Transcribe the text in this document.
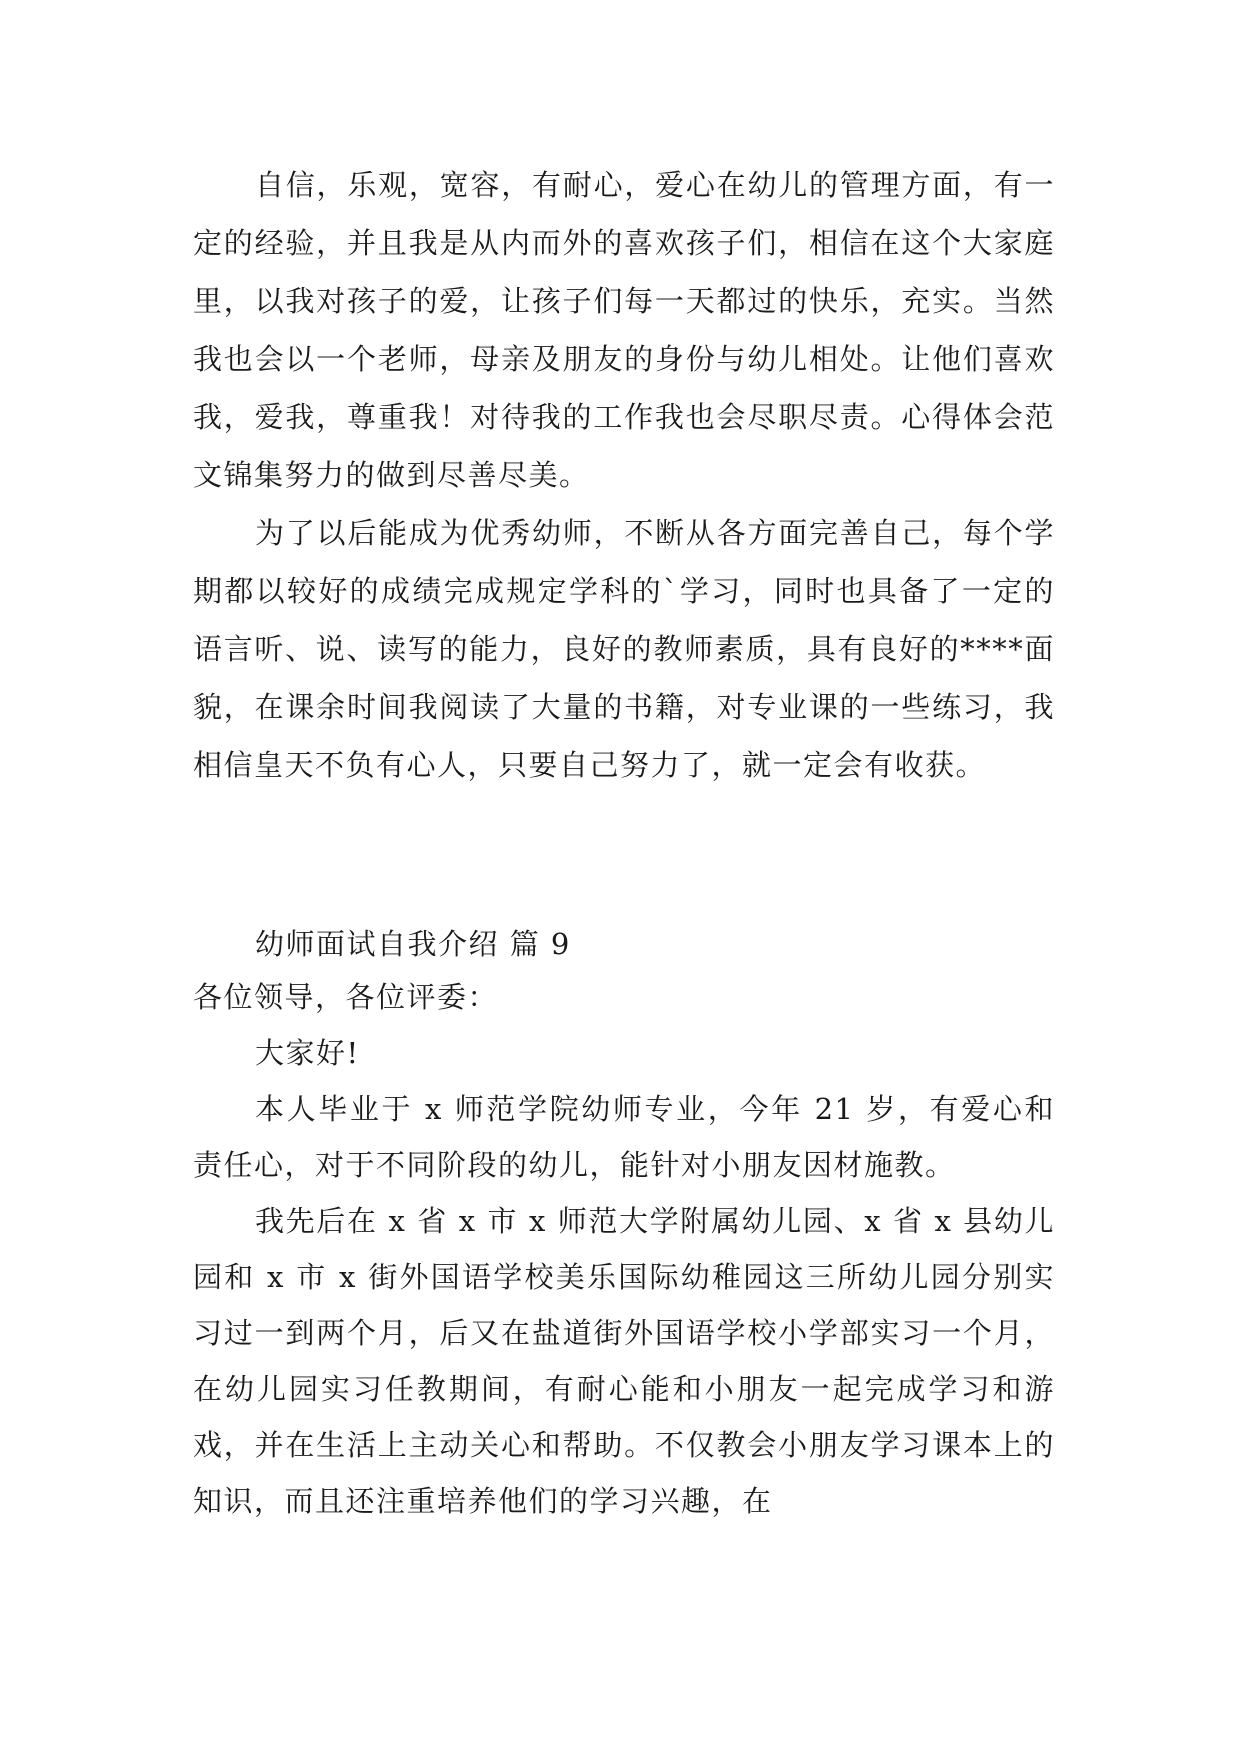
自信，乐观，宽容，有耐心，爱心在幼儿的管理方面，有一定的经验，并且我是从内而外的喜欢孩子们，相信在这个大家庭里，以我对孩子的爱，让孩子们每一天都过的快乐，充实。当然我也会以一个老师，母亲及朋友的身份与幼儿相处。让他们喜欢我，爱我，尊重我！对待我的工作我也会尽职尽责。心得体会范文锦集努力的做到尽善尽美。

为了以后能成为优秀幼师，不断从各方面完善自己，每个学期都以较好的成绩完成规定学科的`学习，同时也具备了一定的语言听、说、读写的能力，良好的教师素质，具有良好的****面貌，在课余时间我阅读了大量的书籍，对专业课的一些练习，我相信皇天不负有心人，只要自己努力了，就一定会有收获。

幼师面试自我介绍 篇 9

各位领导，各位评委：

大家好!

本人毕业于 x 师范学院幼师专业，今年 21 岁，有爱心和责任心，对于不同阶段的幼儿，能针对小朋友因材施教。

我先后在 x 省 x 市 x 师范大学附属幼儿园、x 省 x 县幼儿园和 x 市 x 街外国语学校美乐国际幼稚园这三所幼儿园分别实习过一到两个月，后又在盐道街外国语学校小学部实习一个月，在幼儿园实习任教期间，有耐心能和小朋友一起完成学习和游戏，并在生活上主动关心和帮助。不仅教会小朋友学习课本上的知识，而且还注重培养他们的学习兴趣，在
